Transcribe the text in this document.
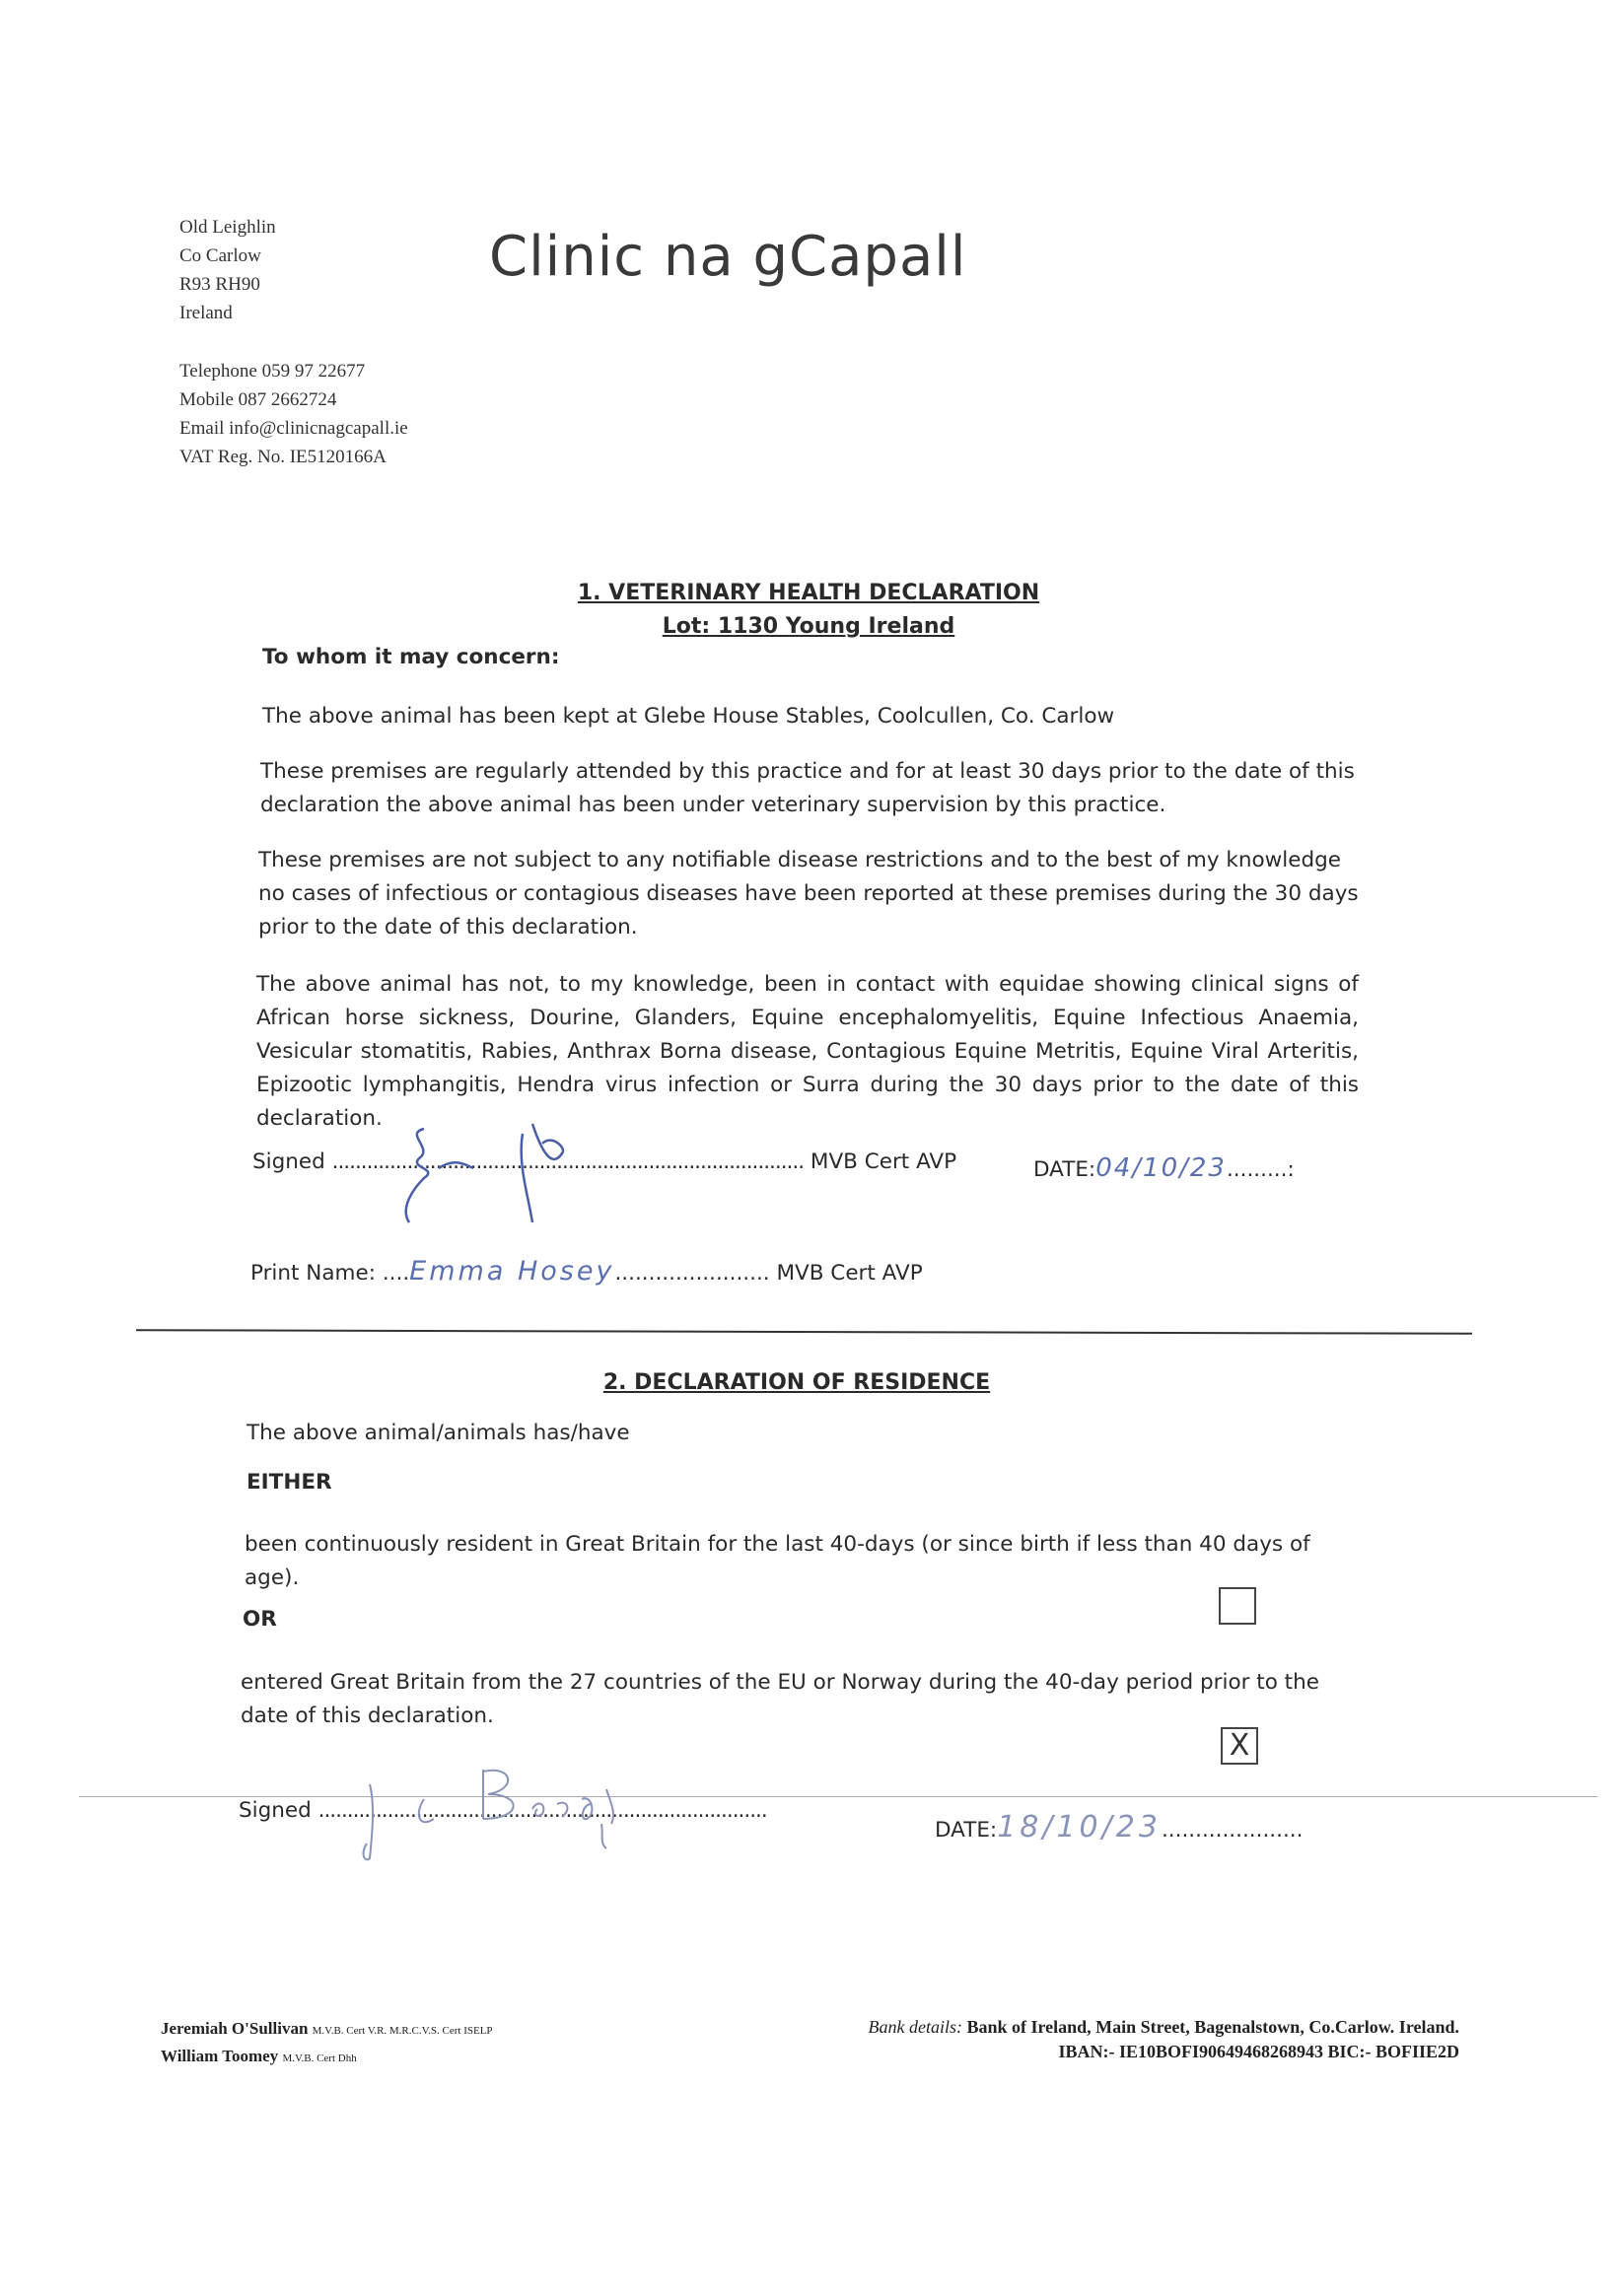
Old Leighlin
Co Carlow
R93 RH90
Ireland
Telephone 059 97 22677
Mobile 087 2662724
Email info@clinicnagcapall.ie
VAT Reg. No. IE5120166A
Clinic na gCapall
1. VETERINARY HEALTH DECLARATION
Lot: 1130 Young Ireland
To whom it may concern:
The above animal has been kept at Glebe House Stables, Coolcullen, Co. Carlow
These premises are regularly attended by this practice and for at least 30 days prior to the date of this declaration the above animal has been under veterinary supervision by this practice.
These premises are not subject to any notifiable disease restrictions and to the best of my knowledge no cases of infectious or contagious diseases have been reported at these premises during the 30 days prior to the date of this declaration.
The above animal has not, to my knowledge, been in contact with equidae showing clinical signs of African horse sickness, Dourine, Glanders, Equine encephalomyelitis, Equine Infectious Anaemia, Vesicular stomatitis, Rabies, Anthrax Borna disease, Contagious Equine Metritis, Equine Viral Arteritis, Epizootic lymphangitis, Hendra virus infection or Surra during the 30 days prior to the date of this declaration.
Signed .................................................................................. MVB Cert AVP	DATE:04/10/23.........:
Print Name: ....Emma Hosey....................... MVB Cert AVP
2. DECLARATION OF RESIDENCE
The above animal/animals has/have
EITHER
been continuously resident in Great Britain for the last 40-days (or since birth if less than 40 days of age).
OR
entered Great Britain from the 27 countries of the EU or Norway during the 40-day period prior to the date of this declaration.
X
Signed ..............................................................................
DATE:18/10/23.....................
Jeremiah O'Sullivan M.V.B. Cert V.R. M.R.C.V.S. Cert ISELP
William Toomey M.V.B. Cert Dhh
Bank details: Bank of Ireland, Main Street, Bagenalstown, Co.Carlow. Ireland.
IBAN:- IE10BOFI90649468268943 BIC:- BOFIIE2D
